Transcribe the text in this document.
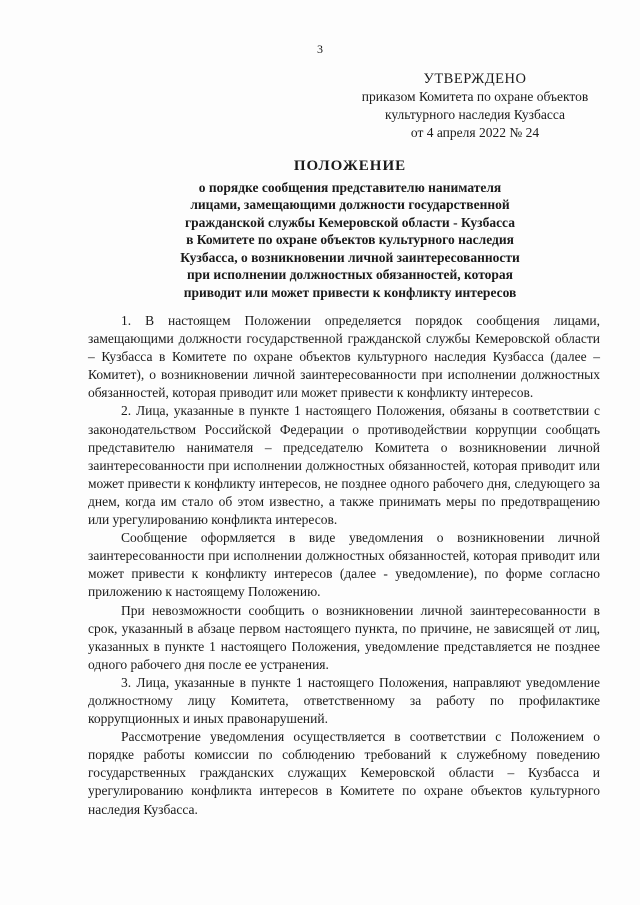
3
УТВЕРЖДЕНО
приказом Комитета по охране объектов
культурного наследия Кузбасса
от 4 апреля 2022 № 24
ПОЛОЖЕНИЕ
о порядке сообщения представителю нанимателя
лицами, замещающими должности государственной
гражданской службы Кемеровской области - Кузбасса
в Комитете по охране объектов культурного наследия
Кузбасса, о возникновении личной заинтересованности
при исполнении должностных обязанностей, которая
приводит или может привести к конфликту интересов

1. В настоящем Положении определяется порядок сообщения лицами, замещающими должности государственной гражданской службы Кемеровской области – Кузбасса в Комитете по охране объектов культурного наследия Кузбасса (далее – Комитет), о возникновении личной заинтересованности при исполнении должностных обязанностей, которая приводит или может привести к конфликту интересов.

2. Лица, указанные в пункте 1 настоящего Положения, обязаны в соответствии с законодательством Российской Федерации о противодействии коррупции сообщать представителю нанимателя – председателю Комитета о возникновении личной заинтересованности при исполнении должностных обязанностей, которая приводит или может привести к конфликту интересов, не позднее одного рабочего дня, следующего за днем, когда им стало об этом известно, а также принимать меры по предотвращению или урегулированию конфликта интересов.

Сообщение оформляется в виде уведомления о возникновении личной заинтересованности при исполнении должностных обязанностей, которая приводит или может привести к конфликту интересов (далее - уведомление), по форме согласно приложению к настоящему Положению.

При невозможности сообщить о возникновении личной заинтересованности в срок, указанный в абзаце первом настоящего пункта, по причине, не зависящей от лиц, указанных в пункте 1 настоящего Положения, уведомление представляется не позднее одного рабочего дня после ее устранения.

3. Лица, указанные в пункте 1 настоящего Положения, направляют уведомление должностному лицу Комитета, ответственному за работу по профилактике коррупционных и иных правонарушений.

Рассмотрение уведомления осуществляется в соответствии с Положением о порядке работы комиссии по соблюдению требований к служебному поведению государственных гражданских служащих Кемеровской области – Кузбасса и урегулированию конфликта интересов в Комитете по охране объектов культурного наследия Кузбасса.
